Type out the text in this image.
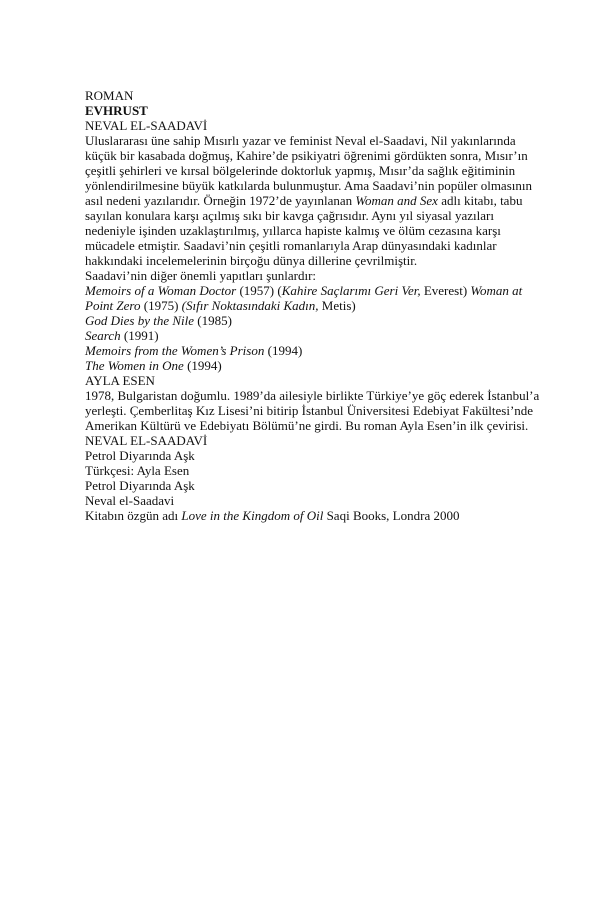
ROMAN

EVHRUST

NEVAL EL-SAADAVİ

Uluslararası üne sahip Mısırlı yazar ve feminist Neval el-Saadavi, Nil yakınlarında küçük bir kasabada doğmuş, Kahire’de psikiyatri öğrenimi gördükten sonra, Mısır’ın çeşitli şehirleri ve kırsal bölgelerinde doktorluk yapmış, Mısır’da sağlık eğitiminin yönlendirilmesine büyük katkılarda bulunmuştur. Ama Saadavi’nin popüler olmasının asıl nedeni yazılarıdır. Örneğin 1972’de yayınlanan Woman and Sex adlı kitabı, tabu sayılan konulara karşı açılmış sıkı bir kavga çağrısıdır. Aynı yıl siyasal yazıları nedeniyle işinden uzaklaştırılmış, yıllarca hapiste kalmış ve ölüm cezasına karşı mücadele etmiştir. Saadavi’nin çeşitli romanlarıyla Arap dünyasındaki kadınlar hakkındaki incelemelerinin birçoğu dünya dillerine çevrilmiştir.

Saadavi’nin diğer önemli yapıtları şunlardır:

Memoirs of a Woman Doctor (1957) (Kahire Saçlarımı Geri Ver, Everest) Woman at Point Zero (1975) (Sıfır Noktasındaki Kadın, Metis)

God Dies by the Nile (1985)

Search (1991)

Memoirs from the Women’s Prison (1994)

The Women in One (1994)

AYLA ESEN

1978, Bulgaristan doğumlu. 1989’da ailesiyle birlikte Türkiye’ye göç ederek İstanbul’a yerleşti. Çemberlitaş Kız Lisesi’ni bitirip İstanbul Üniversitesi Edebiyat Fakültesi’nde Amerikan Kültürü ve Edebiyatı Bölümü’ne girdi. Bu roman Ayla Esen’in ilk çevirisi.

NEVAL EL-SAADAVİ

Petrol Diyarında Aşk

Türkçesi: Ayla Esen

Petrol Diyarında Aşk

Neval el-Saadavi

Kitabın özgün adı Love in the Kingdom of Oil Saqi Books, Londra 2000
